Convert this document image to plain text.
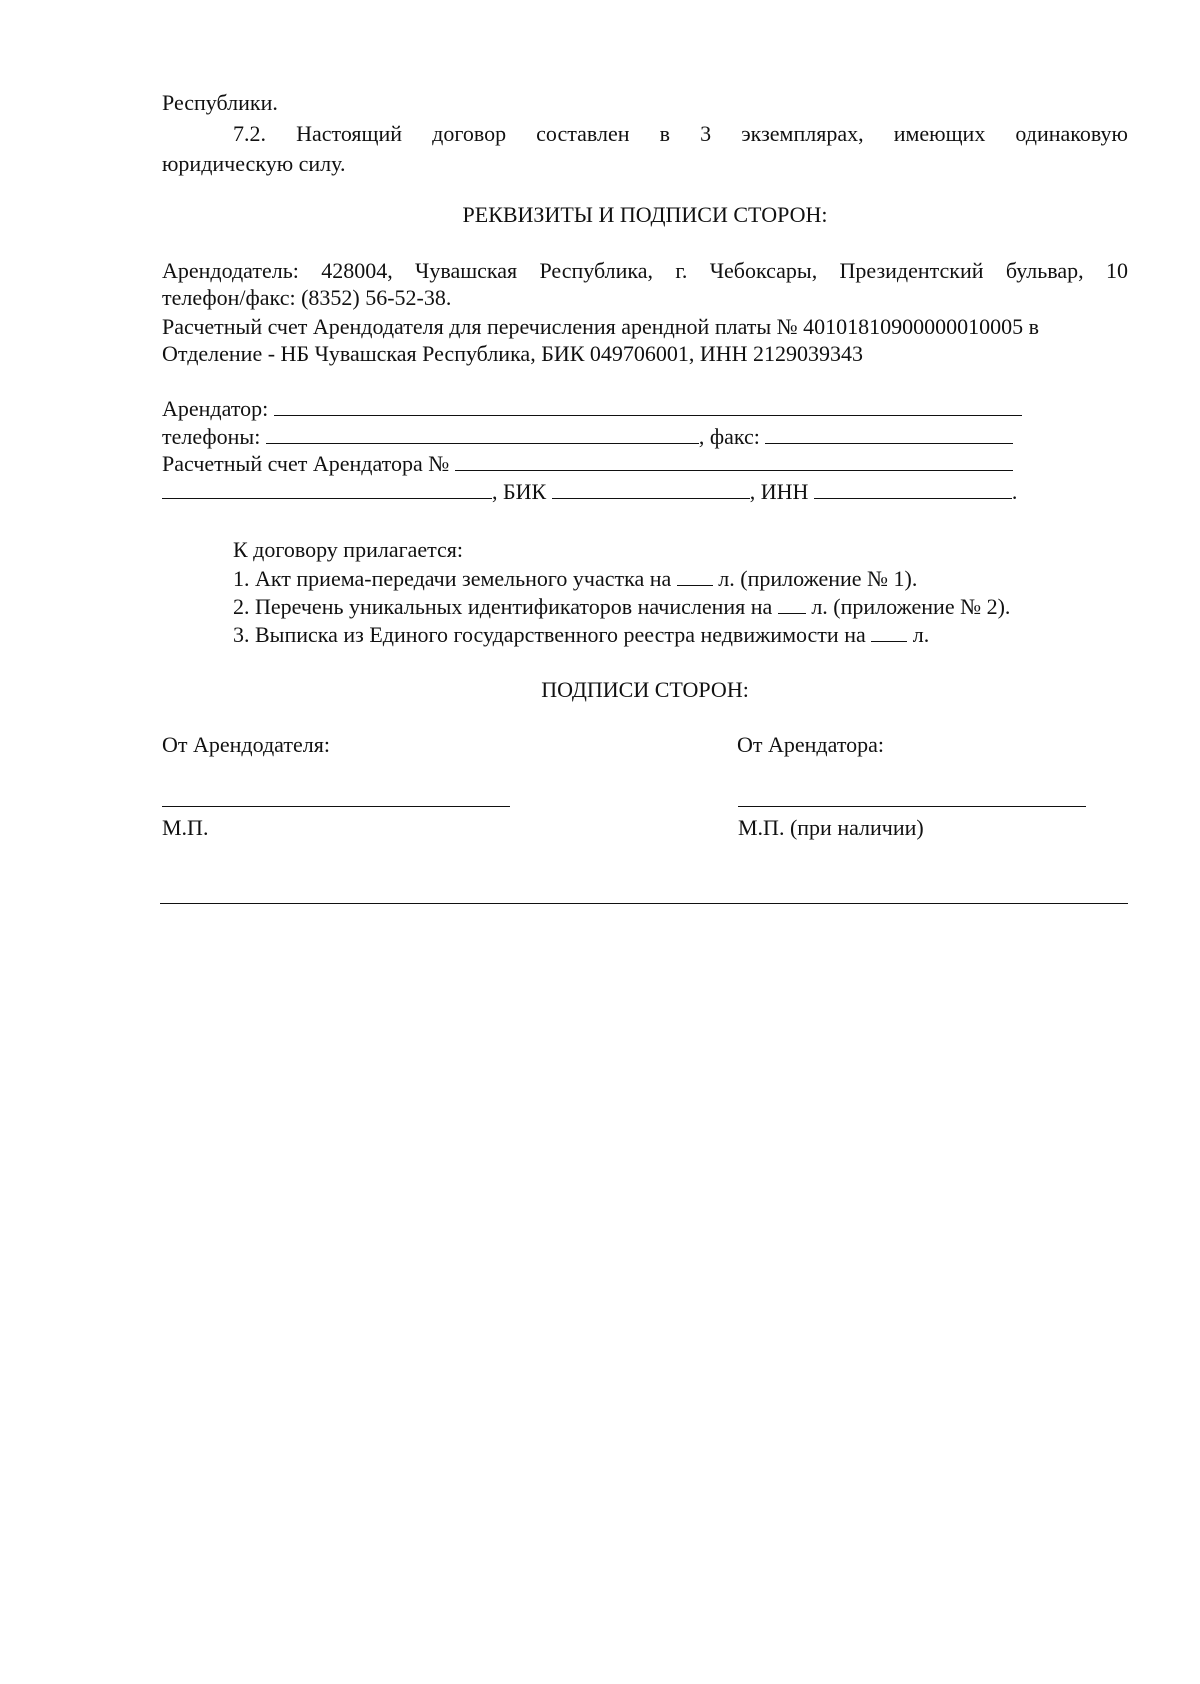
Республики.
7.2. Настоящий договор составлен в 3 экземплярах, имеющих одинаковую
юридическую силу.
РЕКВИЗИТЫ И ПОДПИСИ СТОРОН:
Арендодатель: 428004, Чувашская Республика, г. Чебоксары, Президентский бульвар, 10
телефон/факс: (8352) 56-52-38.
Расчетный счет Арендодателя для перечисления арендной платы № 40101810900000010005 в
Отделение - НБ Чувашская Республика, БИК 049706001, ИНН 2129039343
Арендатор:
телефоны:	, факс:
Расчетный счет Арендатора №
, БИК	, ИНН	.
К договору прилагается:
1. Акт приема-передачи земельного участка на л. (приложение № 1).
2. Перечень уникальных идентификаторов начисления на л. (приложение № 2).
3. Выписка из Единого государственного реестра недвижимости на л.
ПОДПИСИ СТОРОН:
От Арендодателя:	От Арендатора:
М.П.	М.П. (при наличии)
